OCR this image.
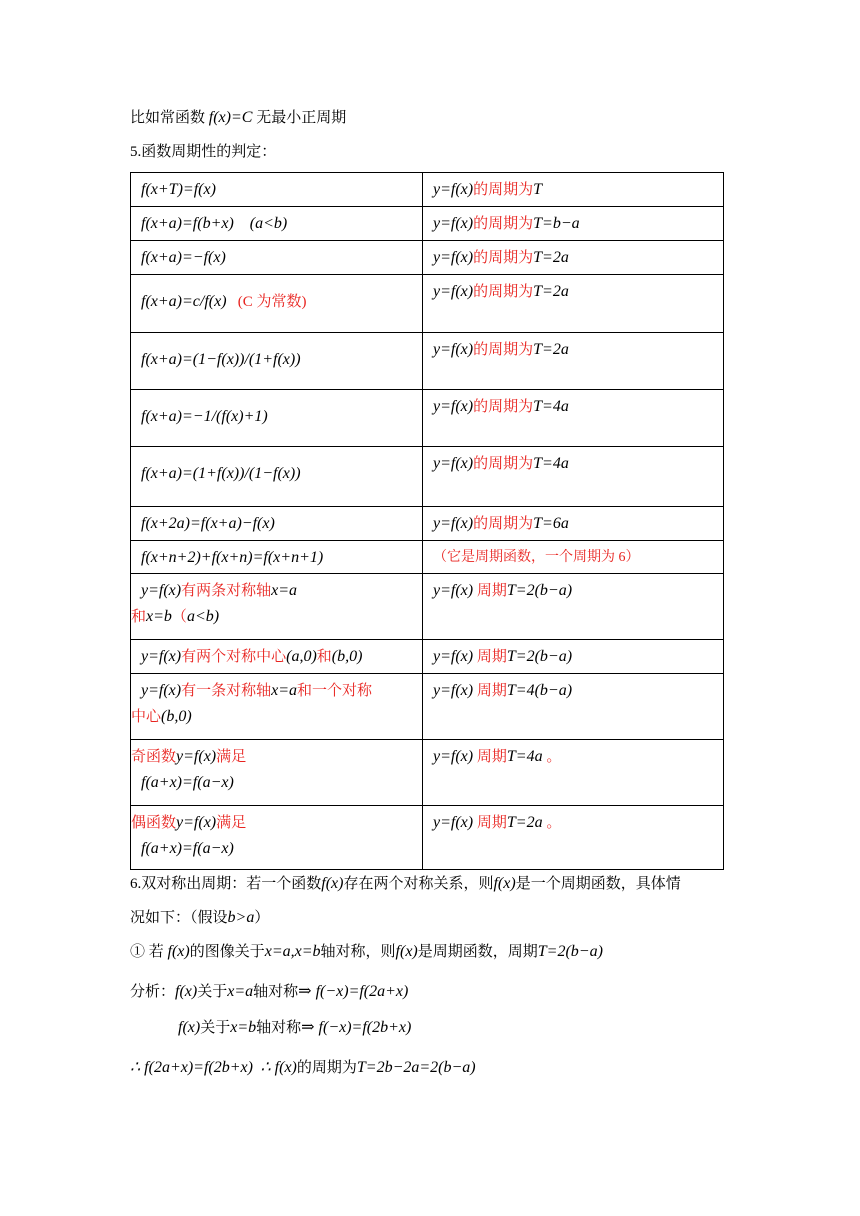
比如常函数 f(x)=C 无最小正周期
5.函数周期性的判定：
f(x+T)=f(x)	y=f(x)的周期为T
f(x+a)=f(b+x)    (a<b)	y=f(x)的周期为T=b−a
f(x+a)=−f(x)	y=f(x)的周期为T=2a
f(x+a)=c/f(x) (C 为常数)	y=f(x)的周期为T=2a
f(x+a)=(1−f(x))/(1+f(x))	y=f(x)的周期为T=2a
f(x+a)=−1/(f(x)+1)	y=f(x)的周期为T=4a
f(x+a)=(1+f(x))/(1−f(x))	y=f(x)的周期为T=4a
f(x+2a)=f(x+a)−f(x)	y=f(x)的周期为T=6a
f(x+n+2)+f(x+n)=f(x+n+1)	（它是周期函数，一个周期为 6）

y=f(x)有两条对称轴x=a
和x=b（a<b)	y=f(x) 周期T=2(b−a)
y=f(x)有两个对称中心(a,0)和(b,0)	y=f(x) 周期T=2(b−a)

y=f(x)有一条对称轴x=a和一个对称
中心(b,0)	y=f(x) 周期T=4(b−a)

奇函数y=f(x)满足
f(a+x)=f(a−x)	y=f(x) 周期T=4a 。

偶函数y=f(x)满足
f(a+x)=f(a−x)	y=f(x) 周期T=2a 。
6.双对称出周期：若一个函数f(x)存在两个对称关系，则f(x)是一个周期函数，具体情
况如下：（假设b>a）
① 若 f(x)的图像关于x=a,x=b轴对称，则f(x)是周期函数，周期T=2(b−a)
分析：f(x)关于x=a轴对称⇒ f(−x)=f(2a+x)
f(x)关于x=b轴对称⇒ f(−x)=f(2b+x)
∴ f(2a+x)=f(2b+x) ∴ f(x)的周期为T=2b−2a=2(b−a)
